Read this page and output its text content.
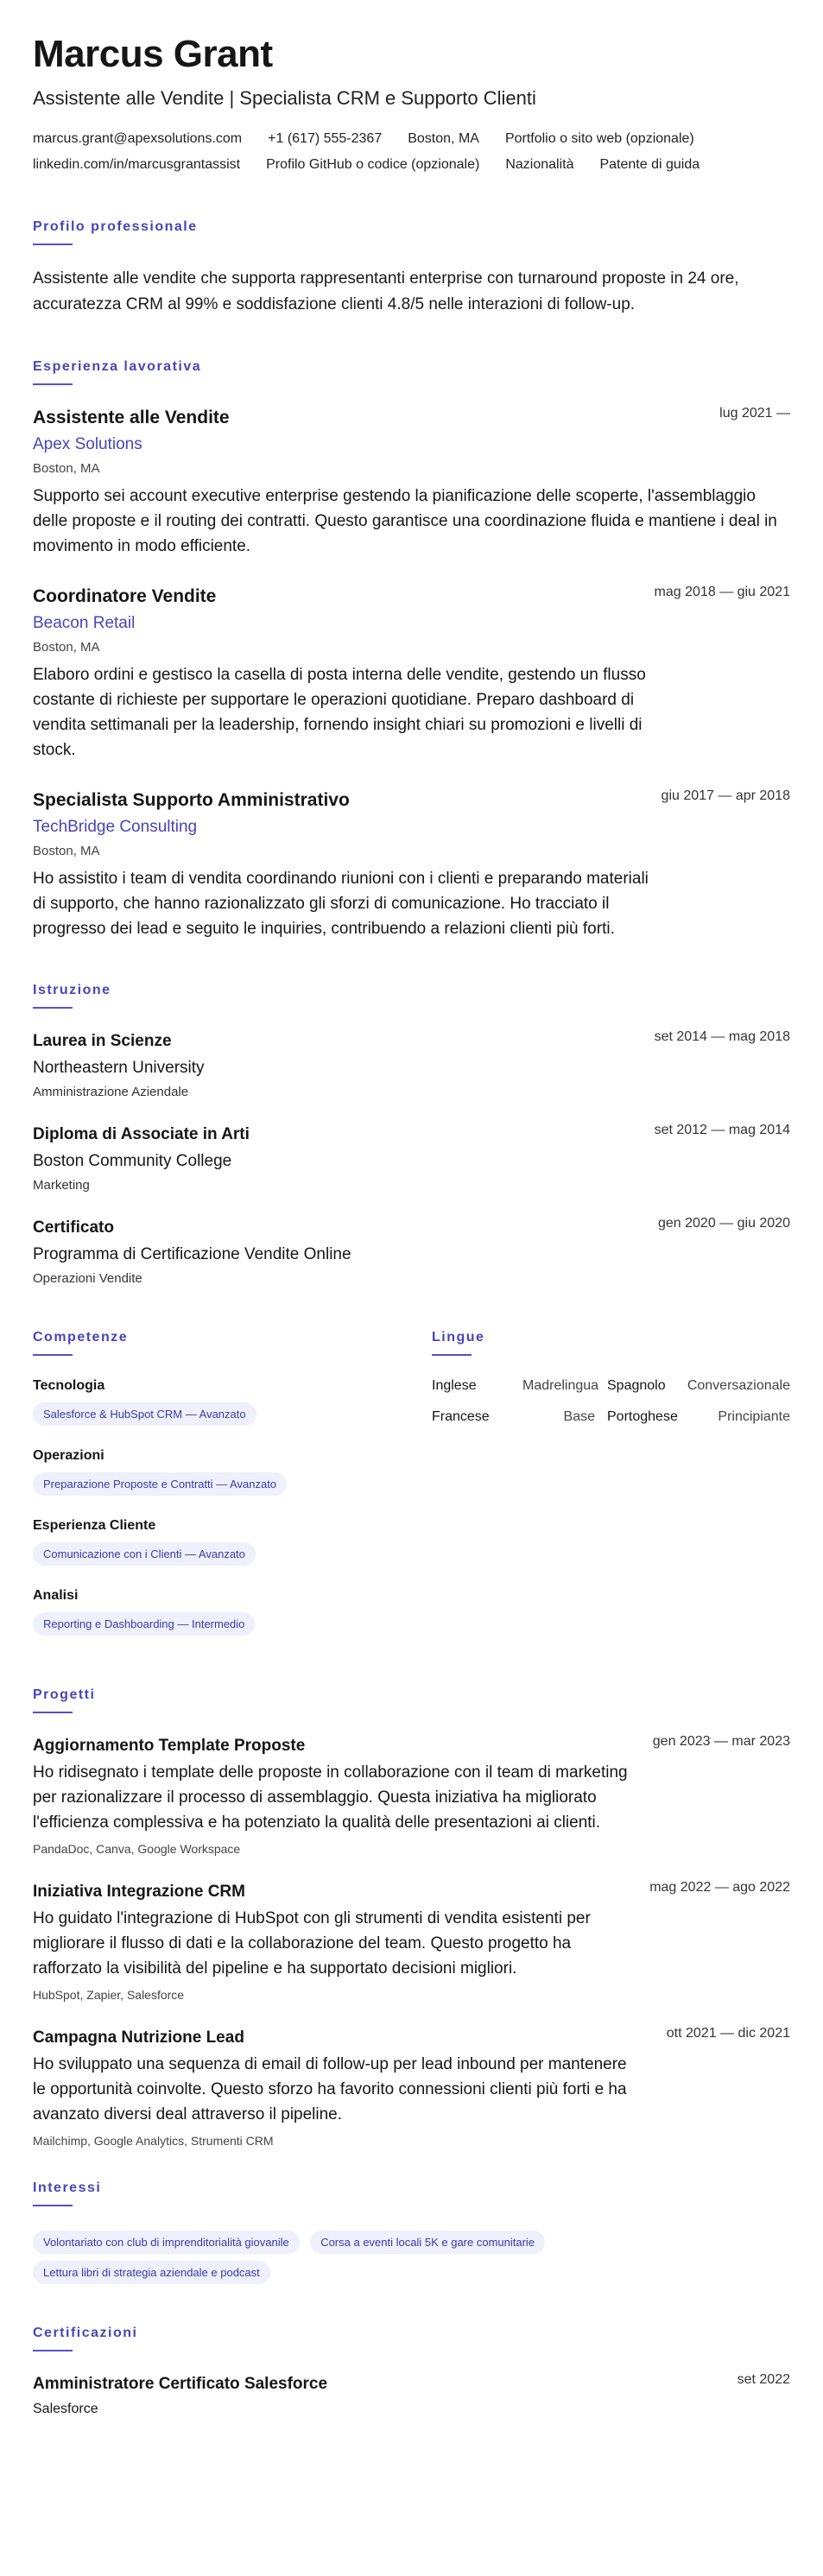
Marcus Grant
Assistente alle Vendite | Specialista CRM e Supporto Clienti
marcus.grant@apexsolutions.com +1 (617) 555-2367 Boston, MA Portfolio o sito web (opzionale)
linkedin.com/in/marcusgrantassist Profilo GitHub o codice (opzionale) Nazionalità Patente di guida
Profilo professionale
Assistente alle vendite che supporta rappresentanti enterprise con turnaround proposte in 24 ore, accuratezza CRM al 99% e soddisfazione clienti 4.8/5 nelle interazioni di follow-up.
Esperienza lavorativa
lug 2021 —
Assistente alle Vendite
Apex Solutions
Boston, MA
Supporto sei account executive enterprise gestendo la pianificazione delle scoperte, l'assemblaggio delle proposte e il routing dei contratti. Questo garantisce una coordinazione fluida e mantiene i deal in movimento in modo efficiente.
mag 2018 — giu 2021
Coordinatore Vendite
Beacon Retail
Boston, MA
Elaboro ordini e gestisco la casella di posta interna delle vendite, gestendo un flusso costante di richieste per supportare le operazioni quotidiane. Preparo dashboard di vendita settimanali per la leadership, fornendo insight chiari su promozioni e livelli di stock.
giu 2017 — apr 2018
Specialista Supporto Amministrativo
TechBridge Consulting
Boston, MA
Ho assistito i team di vendita coordinando riunioni con i clienti e preparando materiali di supporto, che hanno razionalizzato gli sforzi di comunicazione. Ho tracciato il progresso dei lead e seguito le inquiries, contribuendo a relazioni clienti più forti.
Istruzione
set 2014 — mag 2018
Laurea in Scienze
Northeastern University
Amministrazione Aziendale
set 2012 — mag 2014
Diploma di Associate in Arti
Boston Community College
Marketing
gen 2020 — giu 2020
Certificato
Programma di Certificazione Vendite Online
Operazioni Vendite
Competenze
Tecnologia
Salesforce & HubSpot CRM — Avanzato
Operazioni
Preparazione Proposte e Contratti — Avanzato
Esperienza Cliente
Comunicazione con i Clienti — Avanzato
Analisi
Reporting e Dashboarding — Intermedio
Lingue
Inglese	Madrelingua Spagnolo	Conversazionale
Francese	Base Portoghese	Principiante
Progetti
gen 2023 — mar 2023
Aggiornamento Template Proposte
Ho ridisegnato i template delle proposte in collaborazione con il team di marketing per razionalizzare il processo di assemblaggio. Questa iniziativa ha migliorato l'efficienza complessiva e ha potenziato la qualità delle presentazioni ai clienti.
PandaDoc, Canva, Google Workspace
mag 2022 — ago 2022
Iniziativa Integrazione CRM
Ho guidato l'integrazione di HubSpot con gli strumenti di vendita esistenti per migliorare il flusso di dati e la collaborazione del team. Questo progetto ha rafforzato la visibilità del pipeline e ha supportato decisioni migliori.
HubSpot, Zapier, Salesforce
ott 2021 — dic 2021
Campagna Nutrizione Lead
Ho sviluppato una sequenza di email di follow-up per lead inbound per mantenere le opportunità coinvolte. Questo sforzo ha favorito connessioni clienti più forti e ha avanzato diversi deal attraverso il pipeline.
Mailchimp, Google Analytics, Strumenti CRM
Interessi
Volontariato con club di imprenditorialità giovanile	Corsa a eventi locali 5K e gare comunitarie Lettura libri di strategia aziendale e podcast
Certificazioni
set 2022
Amministratore Certificato Salesforce
Salesforce
